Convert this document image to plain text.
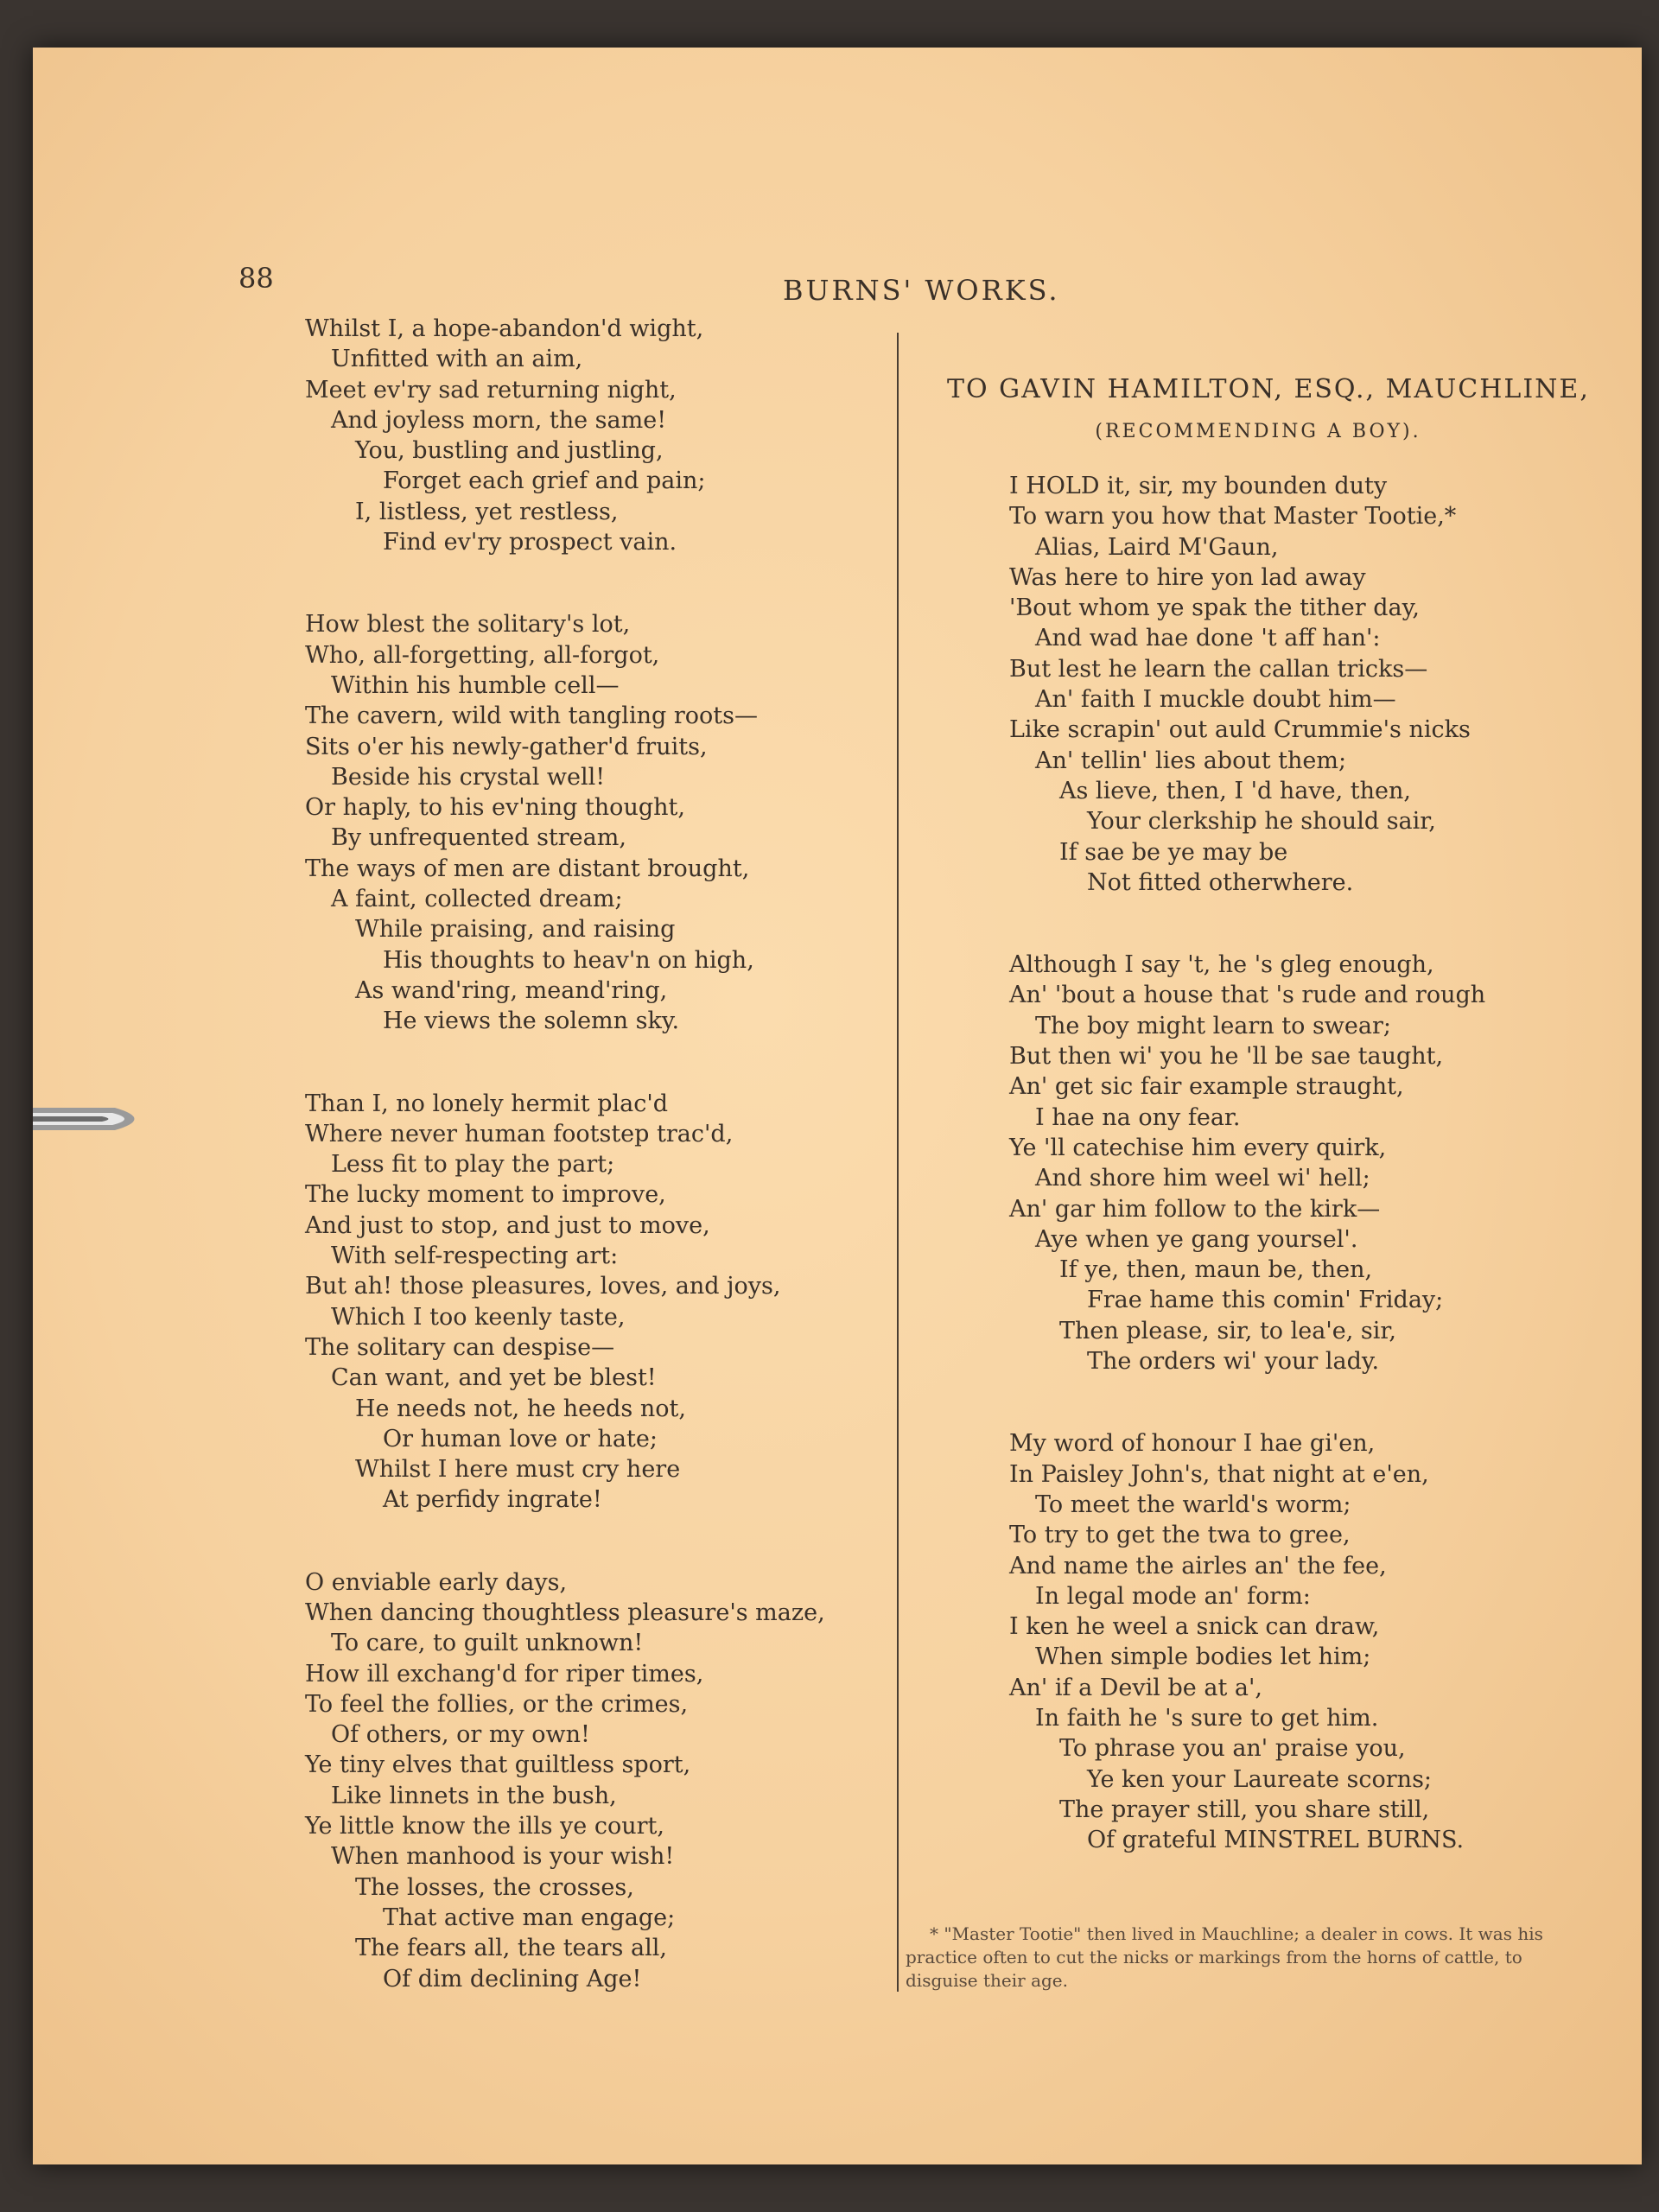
88	BURNS' WORKS.
Whilst I, a hope-abandon'd wight,
Unfitted with an aim,
Meet ev'ry sad returning night,
And joyless morn, the same!
You, bustling and justling,
Forget each grief and pain;
I, listless, yet restless,
Find ev'ry prospect vain.
How blest the solitary's lot,
Who, all-forgetting, all-forgot,
Within his humble cell—
The cavern, wild with tangling roots—
Sits o'er his newly-gather'd fruits,
Beside his crystal well!
Or haply, to his ev'ning thought,
By unfrequented stream,
The ways of men are distant brought,
A faint, collected dream;
While praising, and raising
His thoughts to heav'n on high,
As wand'ring, meand'ring,
He views the solemn sky.
Than I, no lonely hermit plac'd
Where never human footstep trac'd,
Less fit to play the part;
The lucky moment to improve,
And just to stop, and just to move,
With self-respecting art:
But ah! those pleasures, loves, and joys,
Which I too keenly taste,
The solitary can despise—
Can want, and yet be blest!
He needs not, he heeds not,
Or human love or hate;
Whilst I here must cry here
At perfidy ingrate!
O enviable early days,
When dancing thoughtless pleasure's maze,
To care, to guilt unknown!
How ill exchang'd for riper times,
To feel the follies, or the crimes,
Of others, or my own!
Ye tiny elves that guiltless sport,
Like linnets in the bush,
Ye little know the ills ye court,
When manhood is your wish!
The losses, the crosses,
That active man engage;
The fears all, the tears all,
Of dim declining Age!
TO GAVIN HAMILTON, ESQ., MAUCHLINE,
(RECOMMENDING A BOY).
I HOLD it, sir, my bounden duty
To warn you how that Master Tootie,*
Alias, Laird M'Gaun,
Was here to hire yon lad away
'Bout whom ye spak the tither day,
And wad hae done 't aff han':
But lest he learn the callan tricks—
An' faith I muckle doubt him—
Like scrapin' out auld Crummie's nicks
An' tellin' lies about them;
As lieve, then, I 'd have, then,
Your clerkship he should sair,
If sae be ye may be
Not fitted otherwhere.
Although I say 't, he 's gleg enough,
An' 'bout a house that 's rude and rough
The boy might learn to swear;
But then wi' you he 'll be sae taught,
An' get sic fair example straught,
I hae na ony fear.
Ye 'll catechise him every quirk,
And shore him weel wi' hell;
An' gar him follow to the kirk—
Aye when ye gang yoursel'.
If ye, then, maun be, then,
Frae hame this comin' Friday;
Then please, sir, to lea'e, sir,
The orders wi' your lady.
My word of honour I hae gi'en,
In Paisley John's, that night at e'en,
To meet the warld's worm;
To try to get the twa to gree,
And name the airles an' the fee,
In legal mode an' form:
I ken he weel a snick can draw,
When simple bodies let him;
An' if a Devil be at a',
In faith he 's sure to get him.
To phrase you an' praise you,
Ye ken your Laureate scorns;
The prayer still, you share still,
Of grateful MINSTREL BURNS.
* "Master Tootie" then lived in Mauchline; a dealer in cows. It was his practice often to cut the nicks or markings from the horns of cattle, to disguise their age.
